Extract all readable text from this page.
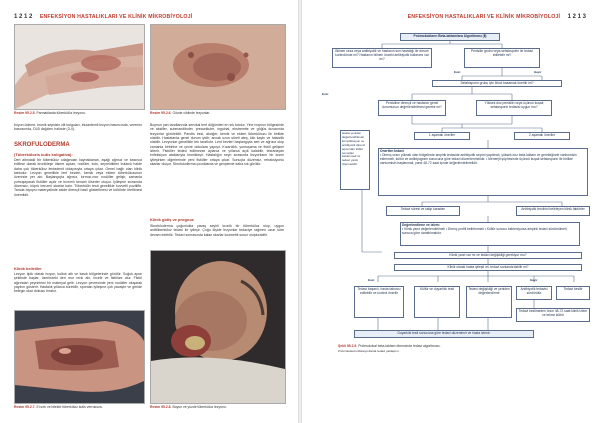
1 2 1 2 ENFEKSİYON HASTALIKLARI VE KLİNİK MİKROBİYOLOJİ
Resim 95.2.5. Parmaklarda tüberkülöz lezyonu.	Resim 95.2.6. Gövde cildinde lezyonlar.
boyun ödeme, kronik sepsisin cilt bulguları, ekzantemli lezyon basıncında, veremin basıncında, DLB dağılımı halinde (3-4).
SKROFULODERMA
(Tüberkülozis kutis koligativa):
Deri altındaki bir tüberküloz odağından kaynaklanan, aşağı ağrısız ve basınca edilirse olarak kronikleşir ülsere açılan, nodüler, kolu, seyreldikten bulanık halde daha çok tüberküloz lenfadenit dolayısıyla ortaya çıkar. Genel bağlı olan klinik tablodur. Lezyon genellikle lenf bezleri, kemik veya eklem tüberkülozunun üzerinde yer alır. Başlangıçta ağrısız, kırmızı-mor nodüller gelişir, zamanla yumuşayarak fistüller açılır ve kıvrımlı kenarlı ülserler oluşur. İyileşme sırasında düzensiz, köprü benzeri skarlar kalır. Tüberkülin testi genellikle kuvvetli pozitiftir. Tanıda biyopsi materyalinde aside dirençli basil gösterilmesi ve kültürde üretilmesi önemlidir.
Klinik belirtiler
Lezyon tipik olarak boyun, koltuk altı ve kasık bölgelerinde görülür. Soğuk apse şeklinde başlar, üzerindeki deri mor renk alır, incelir ve fistülize olur. Fistül ağzından peynirimsi bir materyal gelir. Lezyon çevresinde yeni nodüller oluşarak yayılım gösterir. Hastalık yıllarca sürebilir, spontan iyileşme çok yavaştır ve geride belirgin skar dokusu bırakır.
Boynun yan taraflarında servikal lenf düğümleri en sık tutulur. Yine boynun bölgesinde ve aksiller, submandibuler, preaurikuler, inguinal, ekstremite ve göğüs duvarında lezyonlar görülebilir. Parotis bezi, akciğer, kemik ve eklem tüberkülozu ile birlikte olabilir. Hastalarda genel durum iyidir, ancak uzun süreli ateş, kilo kaybı ve halsizlik olabilir. Lezyonlar genellikle tek taraflıdır. Lenf bezleri başlangıçta sert ve ağrısız olup zamanla birbirine ve çevre dokulara yapışır. Kızarıklık, yumuşama ve fistül gelişimi izlenir. Fistüller tedavi edilmezse aylarca ve yıllarca açık kalabilir, tekrarlayan enfeksiyon ataklarıyla kronikleşir. Hastalığın seyri sırasında lezyonların bir kısmı iyileşirken diğerlerinde yeni fistüller ortaya çıkar. Sonuçta düzensiz, retraksiyonlu skarlar oluşur. Skrofuloderma çocuklarda ve gençlerde daha sık görülür.
Klinik gidiş ve prognoz
Skrofuloderma çoğunlukla yavaş seyirli kronik bir tüberküloz olup, uygun antitüberküloz tedavi ile iyileşir. Çoğu kişide lezyonlar tedaviye rağmen uzun süre devam edebilir. Tedavi sonrasında kalan skarlar kozmetik sorun oluşturabilir.
Resim 95.2.7. El sırtı ve bilekte tüberküloz kutis verrukoza.	Resim 95.2.8. Boyun ve yüzde tüberküloz lezyonu.
ENFEKSİYON HASTALIKLARI VE KLİNİK MİKROBİYOLOJİ 1 2 1 3
Pnömokokların Beta-laktamlara Algoritması (Ⅱ)
Bilinen ceza veya antibiyotik ve hastanın son hastalığı ile durum kontrolünde mi? Hastanın bilinen önceki antibiyotik kullanımı var mı?
Penisilin grubu veya sefalosporin ile tedavi edilebilir mi?
Evet	Hayır
Sefalosporin grubu için ikinci basamak önerilir mi?
Evet
Penisiline dirençli ve hastanın genel durumunun değerlendirilmesi gerekir mi?
Yüksek doz penisilin veya üçüncü kuşak sefalosporin tedavisi uygun mu?
1 aşamalı öneriler	2 aşamalı öneriler
Hasta yeniden değerlendirilmeli, komplikasyon ve antibiyotik direnci açısından kültür sonuçları beklenmeli ve tedavi yanıtı izlenmelidir.
Önerilen tedavi
• Direnç oranı yüksek olan bölgelerde ampirik tedavide antibiyotik seçimi yapılmalı, yüksek doz beta-laktam ve gerektiğinde vankomisin eklenmeli, kültür ve antibiyogram sonucuna göre tedavi düzenlenmelidir. • Menenjit şüphesinde üçüncü kuşak sefalosporin ile birlikte vankomisin başlanmalı, yanıt 48-72 saat içinde değerlendirilmelidir.
Tedavi süresi ve takip kararları	Antibiyotik tercihini belirleyen klinik faktörler
Değerlendirme ve izlem:
• Klinik yanıt değerlendirilmeli • Direnç profili belirlenmeli • Kültür sonucu bekleniyorsa ampirik tedavi sürdürülmeli, sonuca göre daraltılmalıdır.
Klinik yanıt var mı ve tedavi değişikliği gerekiyor mu?
Klinik olarak hasta iyileşti mi, tedavi sonlandırılabilir mi?
Evet	Hayır
Tedavi başarılı, hasta taburcu edilebilir ve kontrol önerilir
Kültür ve duyarlılık testi	Tedavi değişikliği ve yeniden değerlendirme
Antibiyotik tedavisi sürdürülür
Tedavi kesilir
Tedavi kesilmeden önce 48-72 saat klinik izlem ve tekrar kültür
Duyarlılık testi sonucuna göre tedavi düzenlenir ve hasta izlenir.
Şekil 95.2.9. Pnömokokal beta-laktam direncinde tedavi algoritması.
Pnömokokal enfeksiyonlarda tedavi yaklaşımı.
